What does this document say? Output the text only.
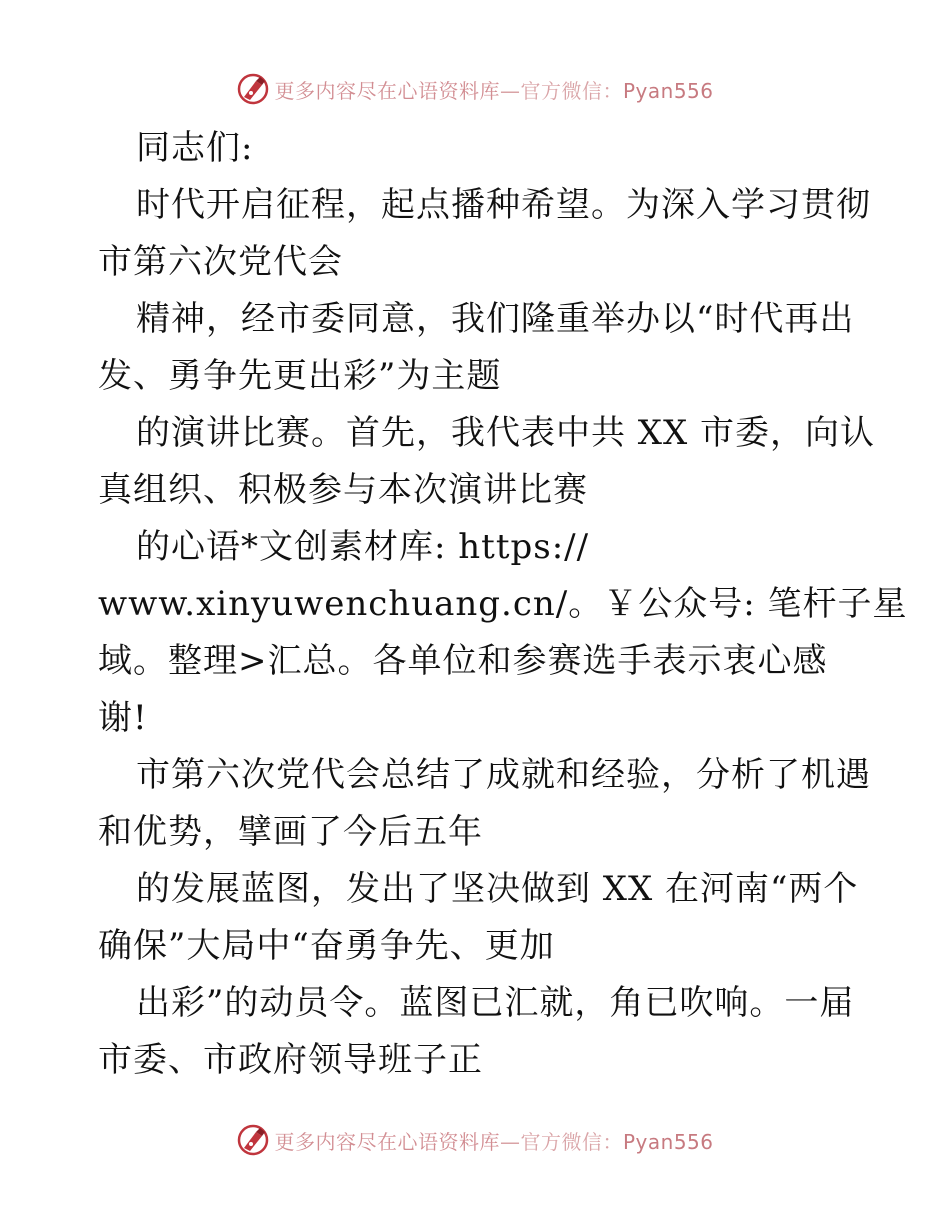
更多内容尽在心语资料库—官方微信：Pyan556
同志们:
时代开启征程，起点播种希望。为深入学习贯彻
市第六次党代会
精神，经市委同意，我们隆重举办以“时代再出
发、勇争先更出彩”为主题
的演讲比赛。首先，我代表中共 XX 市委，向认
真组织、积极参与本次演讲比赛
的心语*文创素材库: https://
www.xinyuwenchuang.cn/。￥公众号: 笔杆子星
域。整理>汇总。各单位和参赛选手表示衷心感
谢!
市第六次党代会总结了成就和经验，分析了机遇
和优势，擘画了今后五年
的发展蓝图，发出了坚决做到 XX 在河南“两个
确保”大局中“奋勇争先、更加
出彩”的动员令。蓝图已汇就，角已吹响。一届
市委、市政府领导班子正
更多内容尽在心语资料库—官方微信：Pyan556
